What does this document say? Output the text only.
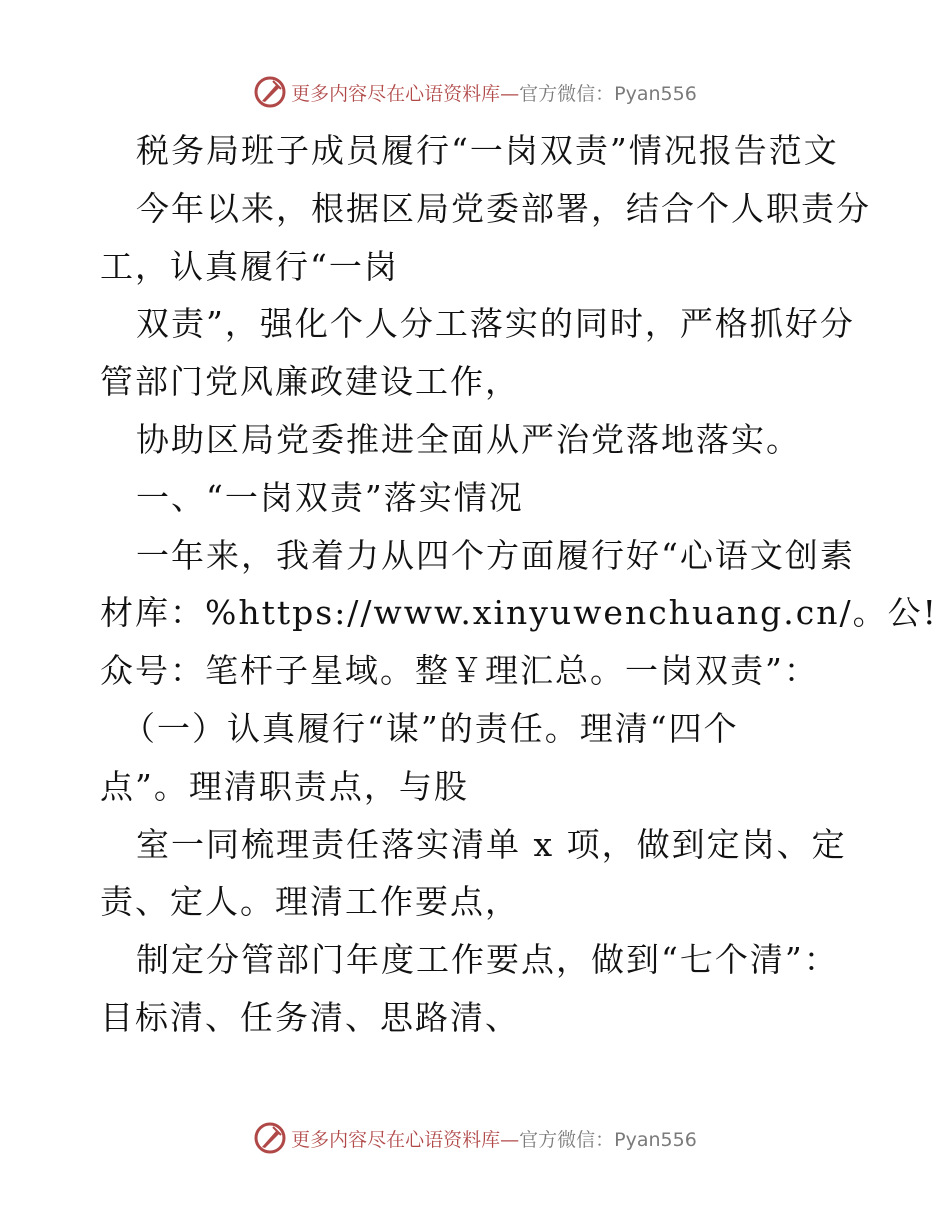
更多内容尽在心语资料库— 官方微信：Pyan556
税务局班子成员履行“一岗双责”情况报告范文
今年以来，根据区局党委部署，结合个人职责分
工，认真履行“一岗
双责”，强化个人分工落实的同时，严格抓好分
管部门党风廉政建设工作，
协助区局党委推进全面从严治党落地落实。
一、“一岗双责”落实情况
一年来，我着力从四个方面履行好“心语文创素
材库：%https://www.xinyuwenchuang.cn/。公!
众号：笔杆子星域。整￥理汇总。一岗双责”：
（一）认真履行“谋”的责任。理清“四个
点”。理清职责点，与股
室一同梳理责任落实清单 x 项，做到定岗、定
责、定人。理清工作要点，
制定分管部门年度工作要点，做到“七个清”：
目标清、任务清、思路清、
更多内容尽在心语资料库— 官方微信：Pyan556
